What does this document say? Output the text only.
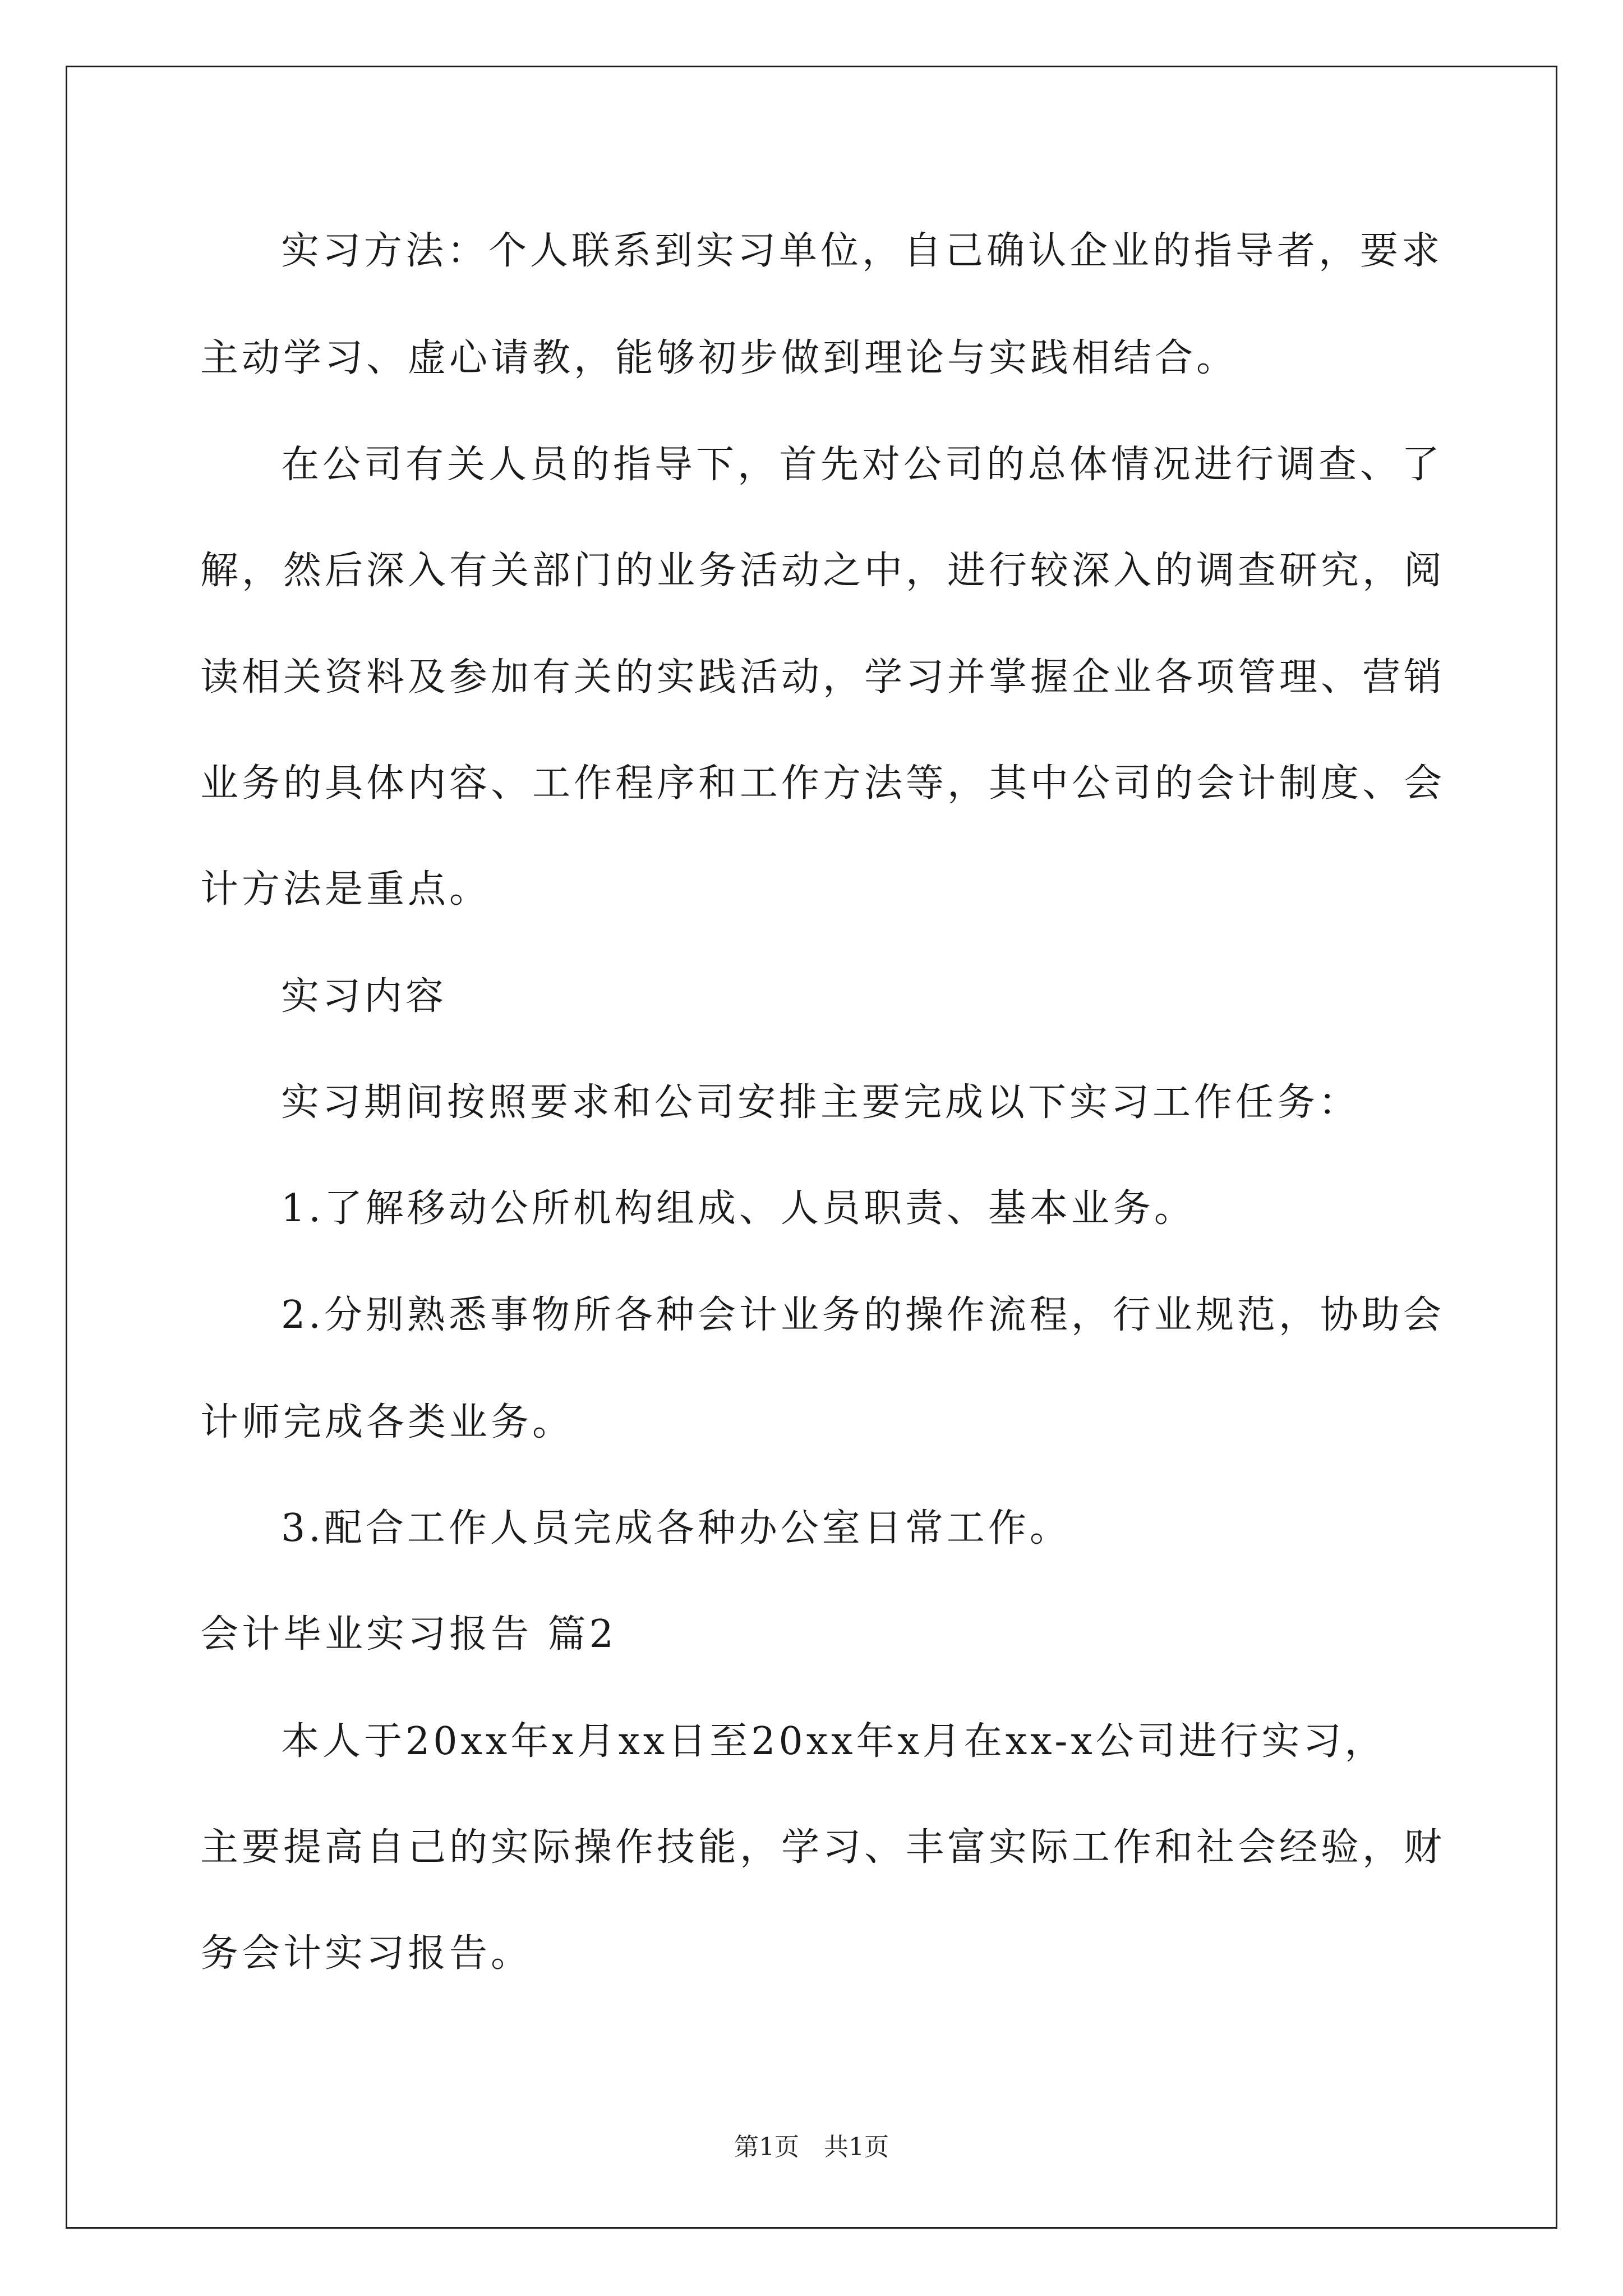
实习方法：个人联系到实习单位，自己确认企业的指导者，要求
主动学习、虚心请教，能够初步做到理论与实践相结合。
在公司有关人员的指导下，首先对公司的总体情况进行调查、了
解，然后深入有关部门的业务活动之中，进行较深入的调查研究，阅
读相关资料及参加有关的实践活动，学习并掌握企业各项管理、营销
业务的具体内容、工作程序和工作方法等，其中公司的会计制度、会
计方法是重点。
实习内容
实习期间按照要求和公司安排主要完成以下实习工作任务：
1.了解移动公所机构组成、人员职责、基本业务。
2.分别熟悉事物所各种会计业务的操作流程，行业规范，协助会
计师完成各类业务。
3.配合工作人员完成各种办公室日常工作。
会计毕业实习报告 篇2
本人于20xx年x月xx日至20xx年x月在xx-x公司进行实习，
主要提高自己的实际操作技能，学习、丰富实际工作和社会经验，财
务会计实习报告。
第1页 共1页
